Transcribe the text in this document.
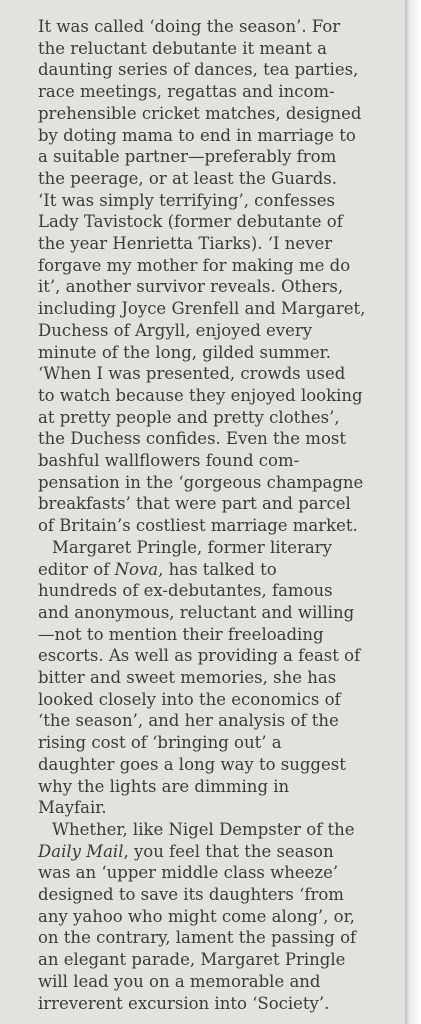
It was called ‘doing the season’. For
the reluctant debutante it meant a
daunting series of dances, tea parties,
race meetings, regattas and incom-
prehensible cricket matches, designed
by doting mama to end in marriage to
a suitable partner—preferably from
the peerage, or at least the Guards.
‘It was simply terrifying’, confesses
Lady Tavistock (former debutante of
the year Henrietta Tiarks). ‘I never
forgave my mother for making me do
it’, another survivor reveals. Others,
including Joyce Grenfell and Margaret,
Duchess of Argyll, enjoyed every
minute of the long, gilded summer.
‘When I was presented, crowds used
to watch because they enjoyed looking
at pretty people and pretty clothes’,
the Duchess confides. Even the most
bashful wallflowers found com-
pensation in the ‘gorgeous champagne
breakfasts’ that were part and parcel
of Britain’s costliest marriage market.
Margaret Pringle, former literary
editor of Nova, has talked to
hundreds of ex-debutantes, famous
and anonymous, reluctant and willing
—not to mention their freeloading
escorts. As well as providing a feast of
bitter and sweet memories, she has
looked closely into the economics of
‘the season’, and her analysis of the
rising cost of ‘bringing out’ a
daughter goes a long way to suggest
why the lights are dimming in
Mayfair.
Whether, like Nigel Dempster of the
Daily Mail, you feel that the season
was an ‘upper middle class wheeze’
designed to save its daughters ‘from
any yahoo who might come along’, or,
on the contrary, lament the passing of
an elegant parade, Margaret Pringle
will lead you on a memorable and
irreverent excursion into ‘Society’.
